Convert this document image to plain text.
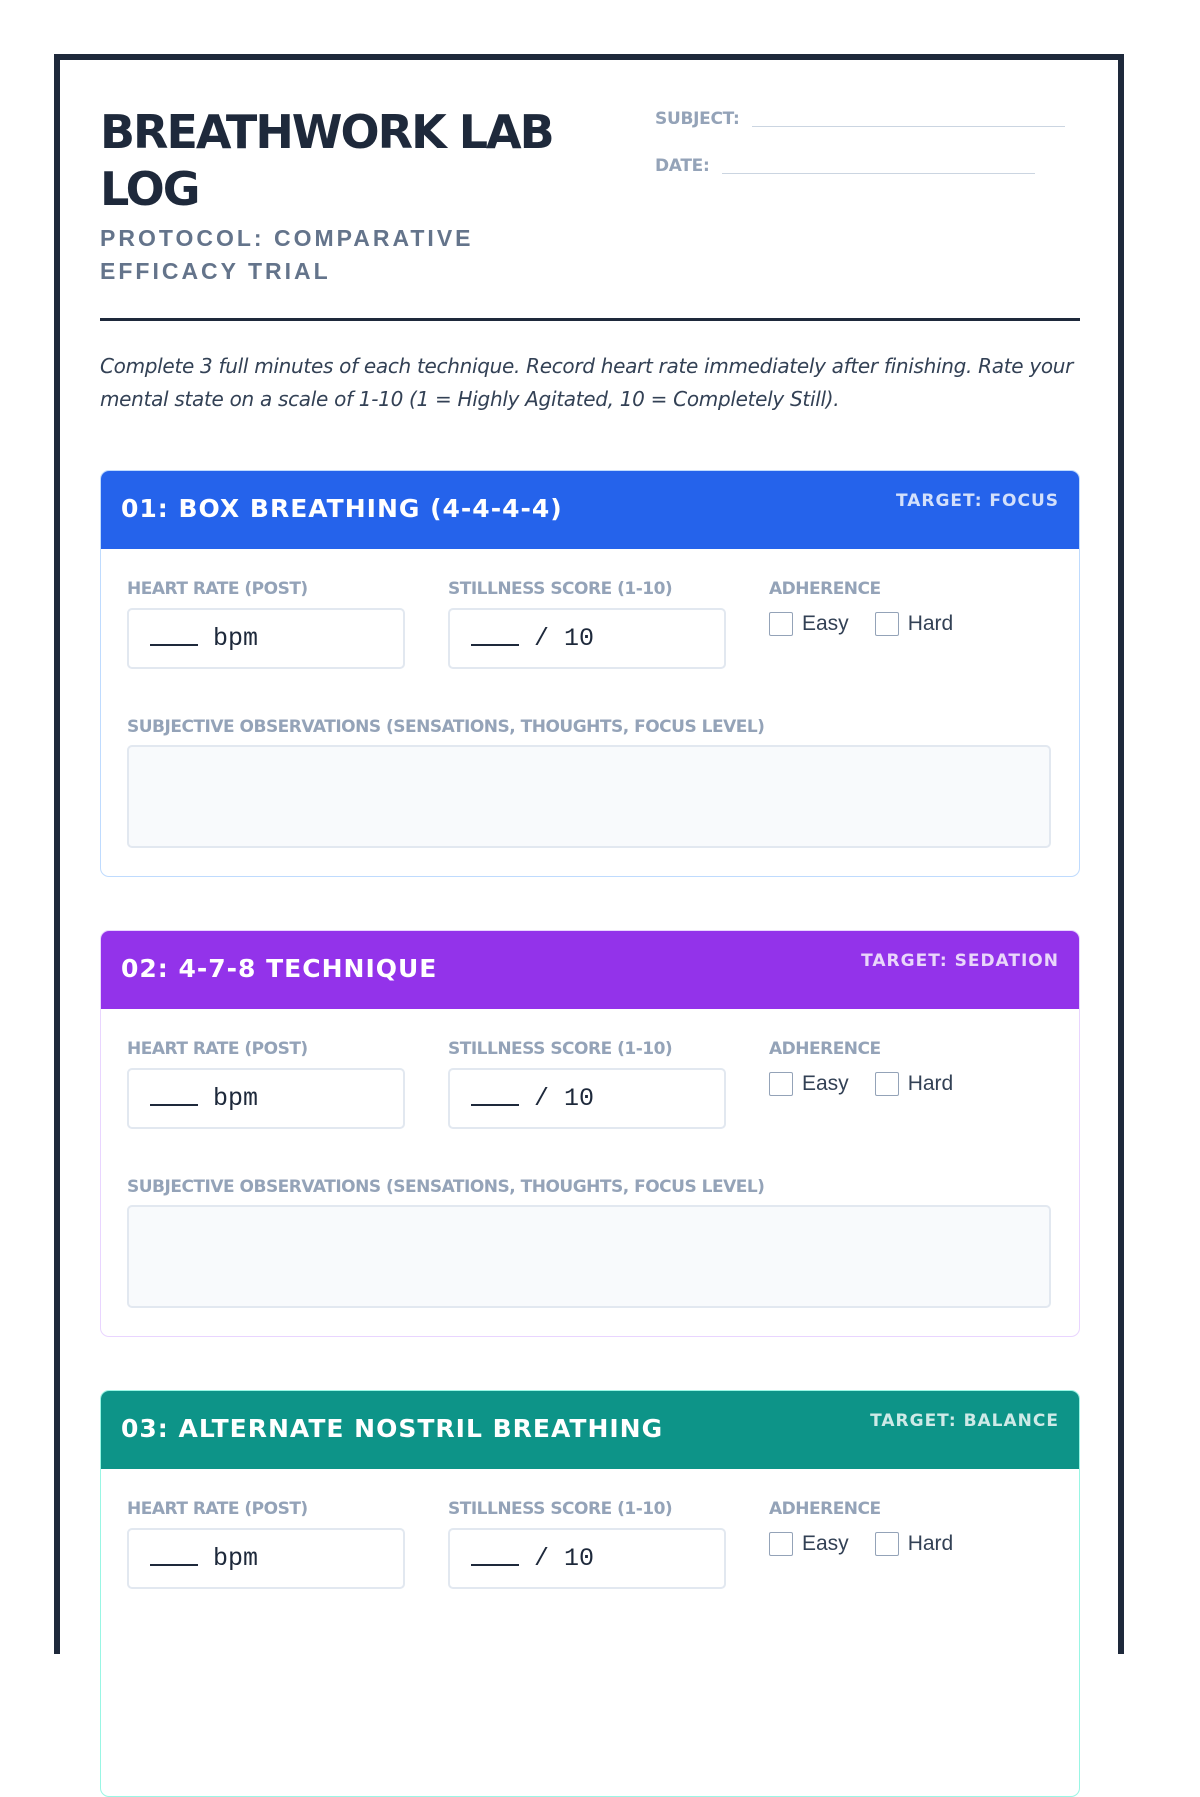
BREATHWORK LAB LOG

PROTOCOL: COMPARATIVE EFFICACY TRIAL

SUBJECT:
DATE:

Complete 3 full minutes of each technique. Record heart rate immediately after finishing. Rate your mental state on a scale of 1-10 (1 = Highly Agitated, 10 = Completely Still).

01: BOX BREATHING (4-4-4-4)	TARGET: FOCUS
HEART RATE (POST)
bpm
STILLNESS SCORE (1-10)
/ 10
ADHERENCE
Easy	Hard
SUBJECTIVE OBSERVATIONS (SENSATIONS, THOUGHTS, FOCUS LEVEL)
02: 4-7-8 TECHNIQUE	TARGET: SEDATION
HEART RATE (POST)
bpm
STILLNESS SCORE (1-10)
/ 10
ADHERENCE
Easy	Hard
SUBJECTIVE OBSERVATIONS (SENSATIONS, THOUGHTS, FOCUS LEVEL)
03: ALTERNATE NOSTRIL BREATHING	TARGET: BALANCE
HEART RATE (POST)
bpm
STILLNESS SCORE (1-10)
/ 10
ADHERENCE
Easy	Hard
